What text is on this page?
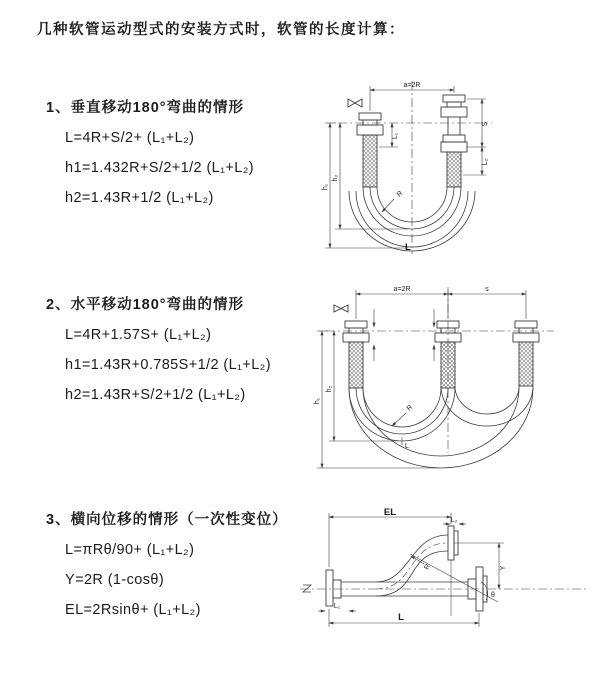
几种软管运动型式的安装方式时，软管的长度计算：
1、垂直移动180°弯曲的情形
L=4R+S/2+ (L₁+L₂)
h1=1.432R+S/2+1/2 (L₁+L₂)
h2=1.43R+1/2 (L₁+L₂)
a=2R
h₁
h₂
L₁
S
L₂
R
L
2、水平移动180°弯曲的情形
L=4R+1.57S+ (L₁+L₂)
h1=1.43R+0.785S+1/2 (L₁+L₂)
h2=1.43R+S/2+1/2 (L₁+L₂)
a=2R	s
h₁
h₂
R
L
3、横向位移的情形（一次性变位）
L=πRθ/90+ (L₁+L₂)
Y=2R (1-cosθ)
EL=2Rsinθ+ (L₁+L₂)
EL
L₂
Y
L₁
L
R
θ
